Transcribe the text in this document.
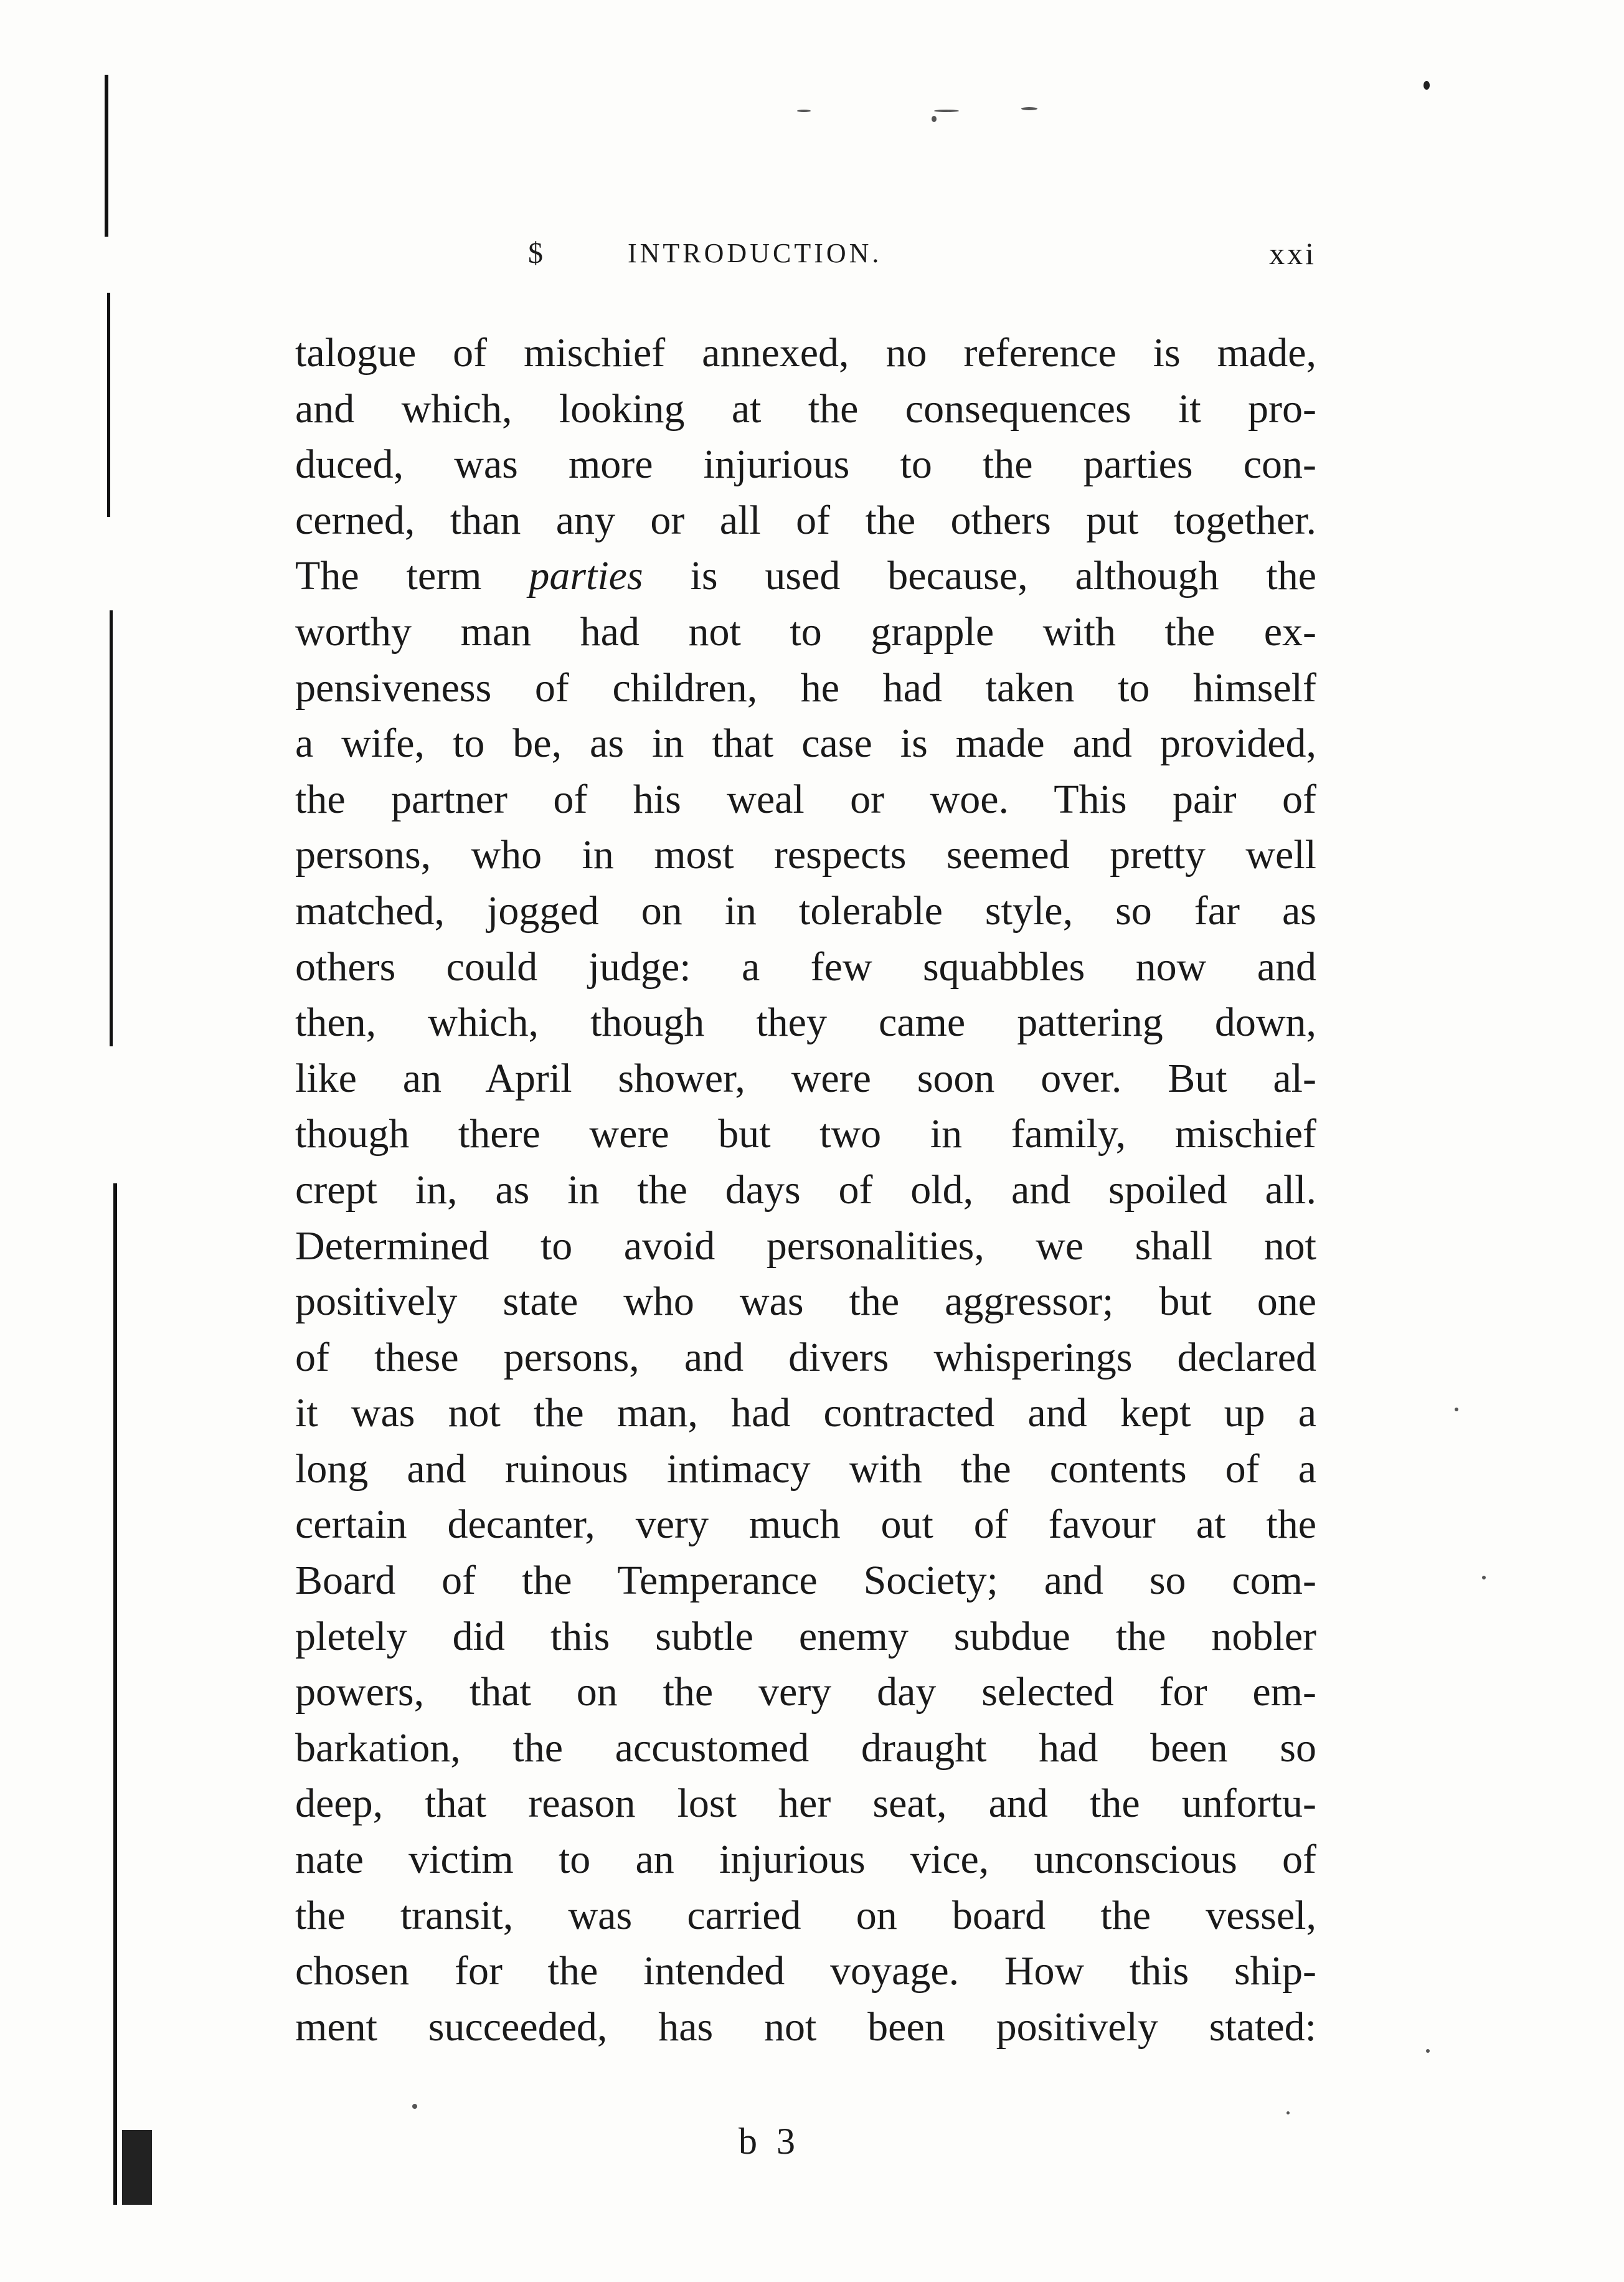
$	INTRODUCTION.	xxi
talogue of mischief annexed, no reference is made,
and which, looking at the consequences it pro-
duced, was more injurious to the parties con-
cerned, than any or all of the others put together.
The term parties is used because, although the
worthy man had not to grapple with the ex-
pensiveness of children, he had taken to himself
a wife, to be, as in that case is made and provided,
the partner of his weal or woe. This pair of
persons, who in most respects seemed pretty well
matched, jogged on in tolerable style, so far as
others could judge: a few squabbles now and
then, which, though they came pattering down,
like an April shower, were soon over. But al-
though there were but two in family, mischief
crept in, as in the days of old, and spoiled all.
Determined to avoid personalities, we shall not
positively state who was the aggressor; but one
of these persons, and divers whisperings declared
it was not the man, had contracted and kept up a
long and ruinous intimacy with the contents of a
certain decanter, very much out of favour at the
Board of the Temperance Society; and so com-
pletely did this subtle enemy subdue the nobler
powers, that on the very day selected for em-
barkation, the accustomed draught had been so
deep, that reason lost her seat, and the unfortu-
nate victim to an injurious vice, unconscious of
the transit, was carried on board the vessel,
chosen for the intended voyage. How this ship-
ment succeeded, has not been positively stated:
b 3
